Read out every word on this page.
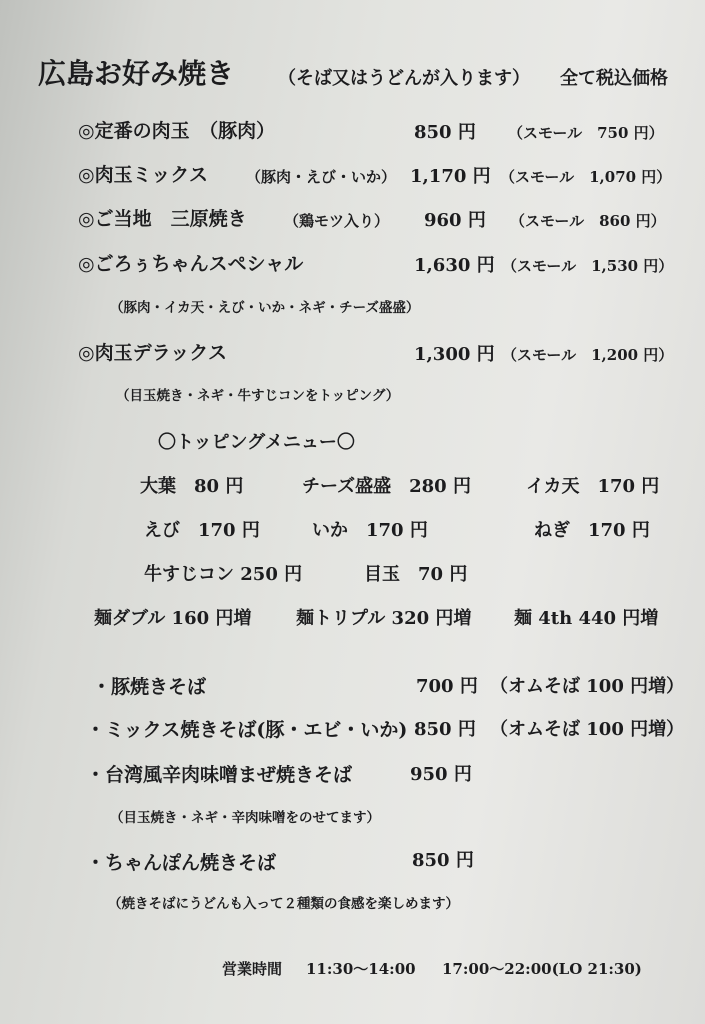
広島お好み焼き （そば又はうどんが入ります） 全て税込価格
◎定番の肉玉　（豚肉）	850 円 （スモール　750 円）
◎肉玉ミックス	（豚肉・えび・いか） 1,170 円 （スモール　1,070 円）
◎ご当地　三原焼き （鶏モツ入り） 960 円 （スモール　860 円）
◎ごろぅちゃんスペシャル	1,630 円 （スモール　1,530 円）
（豚肉・イカ天・えび・いか・ネギ・チーズ盛盛）
◎肉玉デラックス	1,300 円 （スモール　1,200 円）
（目玉焼き・ネギ・牛すじコンをトッピング）
〇トッピングメニュー〇
大葉　80 円	チーズ盛盛　280 円	イカ天　170 円
えび　170 円	いか　170 円	ねぎ　170 円
牛すじコン 250 円	目玉　70 円
麺ダブル 160 円増 麺トリプル 320 円増 麺 4th 440 円増
・豚焼きそば	700 円 （オムそば 100 円増）
・ミックス焼きそば(豚・エビ・いか) 850 円 （オムそば 100 円増）
・台湾風辛肉味噌まぜ焼きそば	950 円
（目玉焼き・ネギ・辛肉味噌をのせてます）
・ちゃんぽん焼きそば	850 円
（焼きそばにうどんも入って２種類の食感を楽しめます）
営業時間 11:30〜14:00 17:00〜22:00(LO 21:30)
